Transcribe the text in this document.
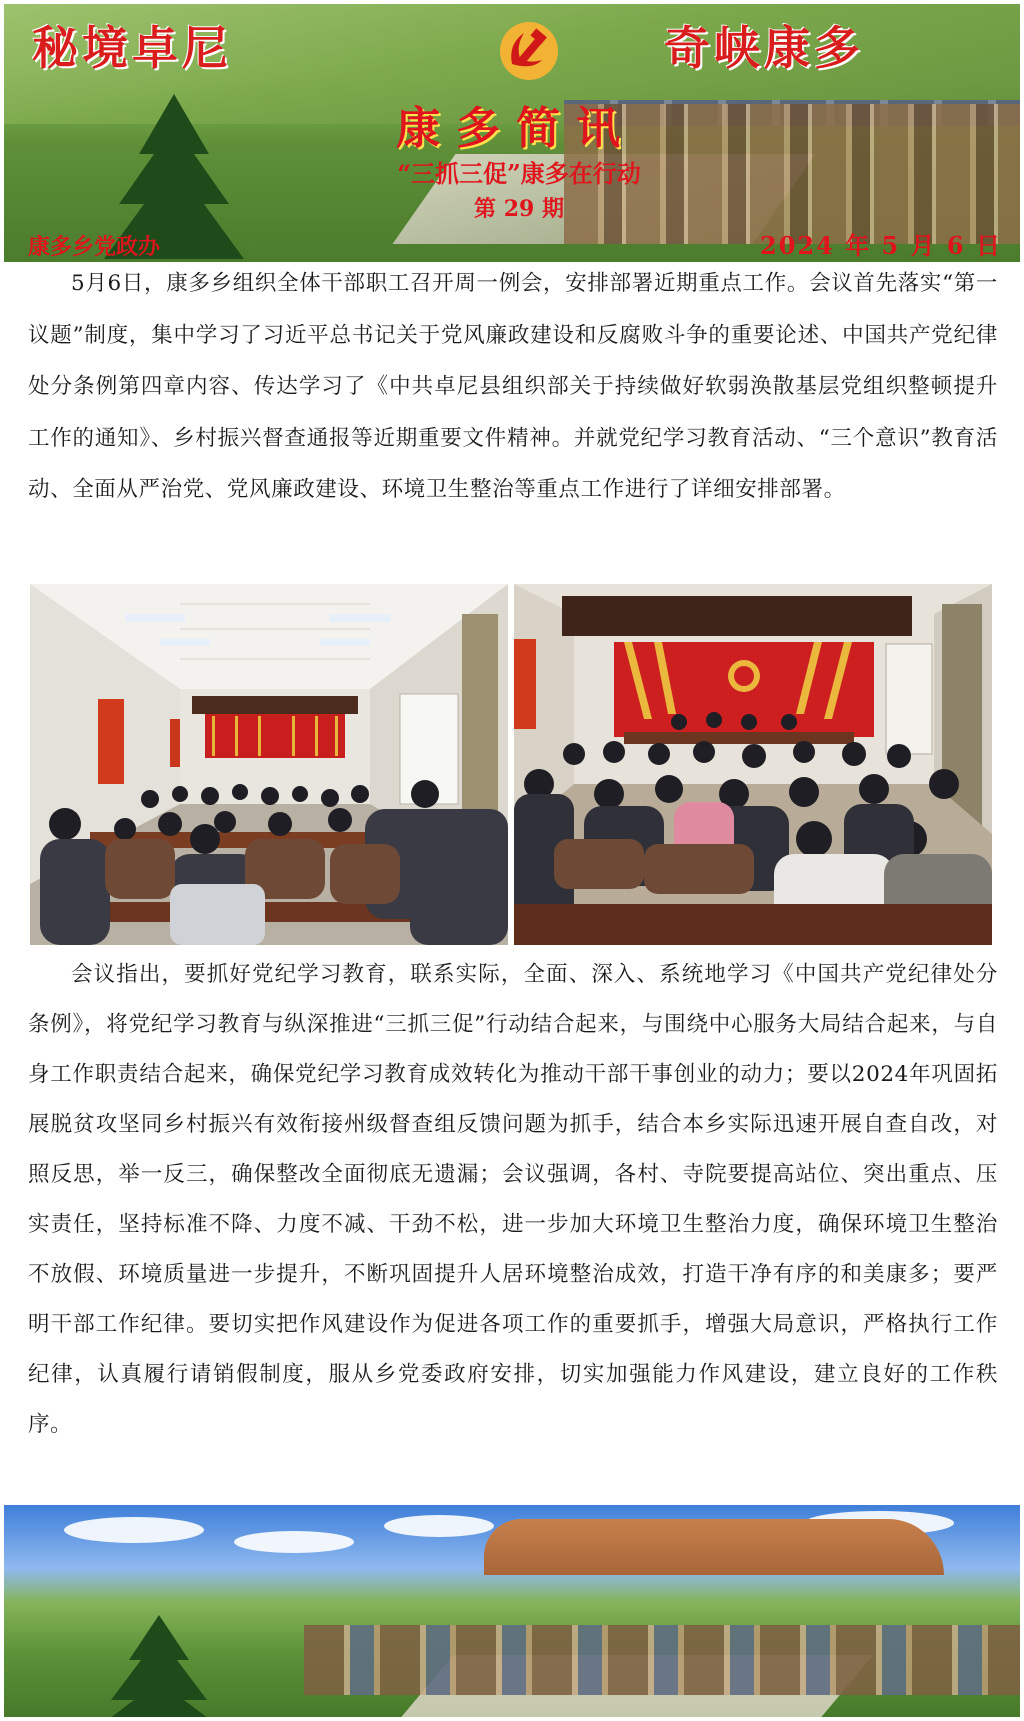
秘境卓尼	奇峡康多
康多简讯
“三抓三促”康多在行动
第 29 期
康多乡党政办	2024 年 5 月 6 日

5月6日，康多乡组织全体干部职工召开周一例会，安排部署近期重点工作。会议首先落实“第一议题”制度，集中学习了习近平总书记关于党风廉政建设和反腐败斗争的重要论述、中国共产党纪律处分条例第四章内容、传达学习了《中共卓尼县组织部关于持续做好软弱涣散基层党组织整顿提升工作的通知》、乡村振兴督查通报等近期重要文件精神。并就党纪学习教育活动、“三个意识”教育活动、全面从严治党、党风廉政建设、环境卫生整治等重点工作进行了详细安排部署。

会议指出，要抓好党纪学习教育，联系实际，全面、深入、系统地学习《中国共产党纪律处分条例》，将党纪学习教育与纵深推进“三抓三促”行动结合起来，与围绕中心服务大局结合起来，与自身工作职责结合起来，确保党纪学习教育成效转化为推动干部干事创业的动力；要以2024年巩固拓展脱贫攻坚同乡村振兴有效衔接州级督查组反馈问题为抓手，结合本乡实际迅速开展自查自改，对照反思，举一反三，确保整改全面彻底无遗漏；会议强调，各村、寺院要提高站位、突出重点、压实责任，坚持标准不降、力度不减、干劲不松，进一步加大环境卫生整治力度，确保环境卫生整治不放假、环境质量进一步提升，不断巩固提升人居环境整治成效，打造干净有序的和美康多；要严明干部工作纪律。要切实把作风建设作为促进各项工作的重要抓手，增强大局意识，严格执行工作纪律，认真履行请销假制度，服从乡党委政府安排，切实加强能力作风建设，建立良好的工作秩序。
